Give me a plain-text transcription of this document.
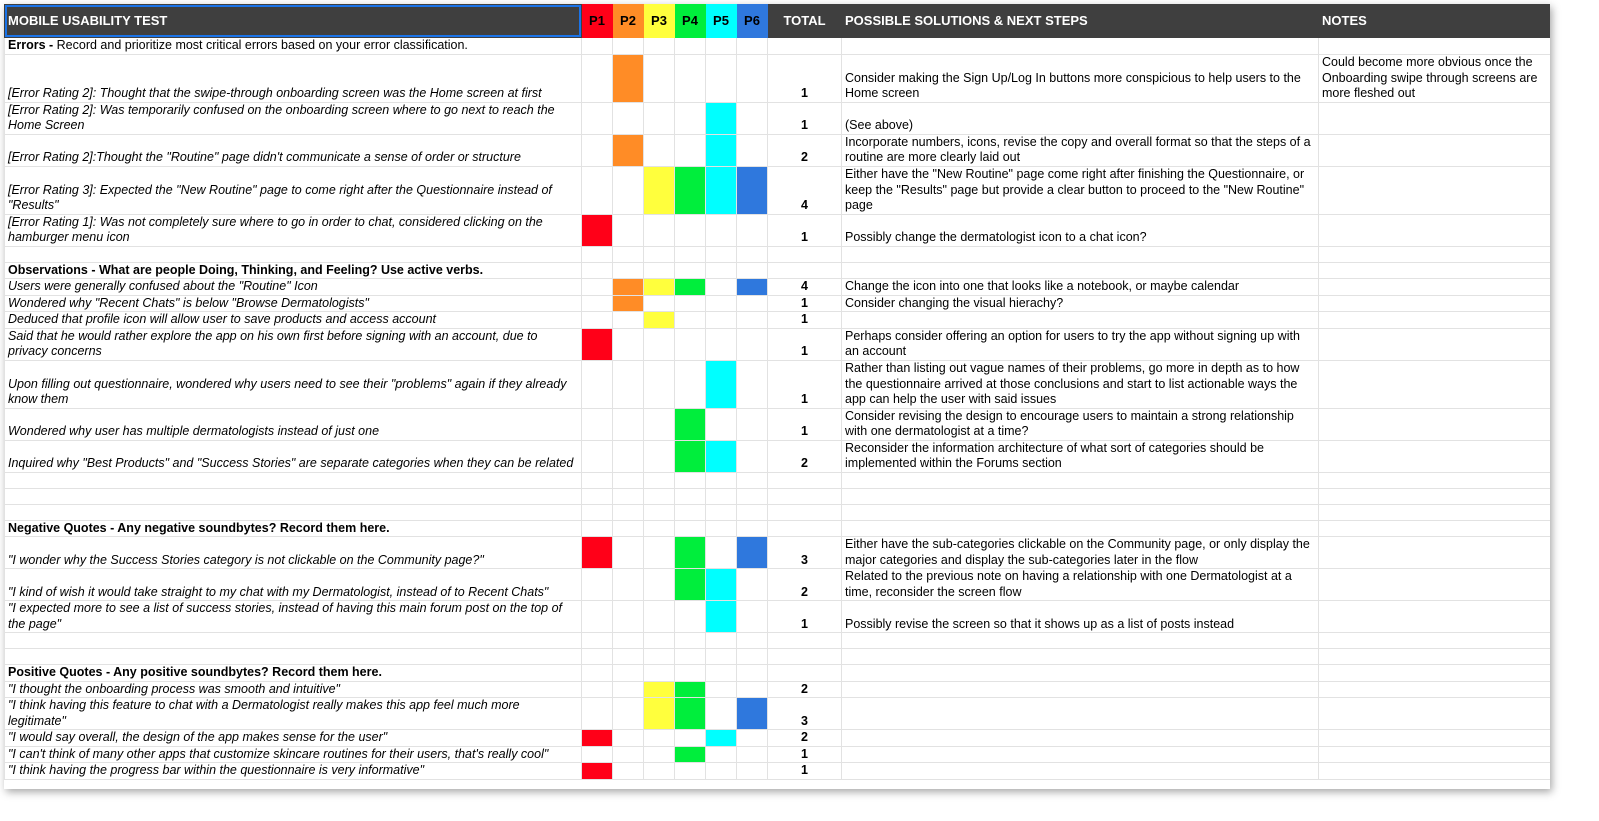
MOBILE USABILITY TEST	P1	P2	P3	P4	P5	P6	TOTAL	POSSIBLE SOLUTIONS & NEXT STEPS	NOTES
Errors - Record and prioritize most critical errors based on your error classification.									
[Error Rating 2]: Thought that the swipe-through onboarding screen was the Home screen at first							1	Consider making the Sign Up/Log In buttons more conspicious to help users to the Home screen	Could become more obvious once the Onboarding swipe through screens are more fleshed out
[Error Rating 2]: Was temporarily confused on the onboarding screen where to go next to reach the Home Screen							1	(See above)	
[Error Rating 2]:Thought the "Routine" page didn't communicate a sense of order or structure							2	Incorporate numbers, icons, revise the copy and overall format so that the steps of a routine are more clearly laid out	
[Error Rating 3]: Expected the "New Routine" page to come right after the Questionnaire instead of "Results"							4	Either have the "New Routine" page come right after finishing the Questionnaire, or keep the "Results" page but provide a clear button to proceed to the "New Routine" page	
[Error Rating 1]: Was not completely sure where to go in order to chat, considered clicking on the hamburger menu icon							1	Possibly change the dermatologist icon to a chat icon?	

Observations - What are people Doing, Thinking, and Feeling? Use active verbs.									
Users were generally confused about the "Routine" Icon							4	Change the icon into one that looks like a notebook, or maybe calendar	
Wondered why "Recent Chats" is below "Browse Dermatologists"							1	Consider changing the visual hierachy?	
Deduced that profile icon will allow user to save products and access account							1		
Said that he would rather explore the app on his own first before signing with an account, due to privacy concerns							1	Perhaps consider offering an option for users to try the app without signing up with an account	
Upon filling out questionnaire, wondered why users need to see their "problems" again if they already know them							1	Rather than listing out vague names of their problems, go more in depth as to how the questionnaire arrived at those conclusions and start to list actionable ways the app can help the user with said issues	
Wondered why user has multiple dermatologists instead of just one							1	Consider revising the design to encourage users to maintain a strong relationship with one dermatologist at a time?	
Inquired why "Best Products" and "Success Stories" are separate categories when they can be related							2	Reconsider the information architecture of what sort of categories should be implemented within the Forums section	

Negative Quotes - Any negative soundbytes? Record them here.									
"I wonder why the Success Stories category is not clickable on the Community page?"							3	Either have the sub-categories clickable on the Community page, or only display the major categories and display the sub-categories later in the flow	
"I kind of wish it would take straight to my chat with my Dermatologist, instead of to Recent Chats"							2	Related to the previous note on having a relationship with one Dermatologist at a time, reconsider the screen flow	
"I expected more to see a list of success stories, instead of having this main forum post on the top of the page"							1	Possibly revise the screen so that it shows up as a list of posts instead	

Positive Quotes - Any positive soundbytes? Record them here.									
"I thought the onboarding process was smooth and intuitive"							2		
"I think having this feature to chat with a Dermatologist really makes this app feel much more legitimate"							3		
"I would say overall, the design of the app makes sense for the user"							2		
"I can't think of many other apps that customize skincare routines for their users, that's really cool"							1		
"I think having the progress bar within the questionnaire is very informative"							1		
